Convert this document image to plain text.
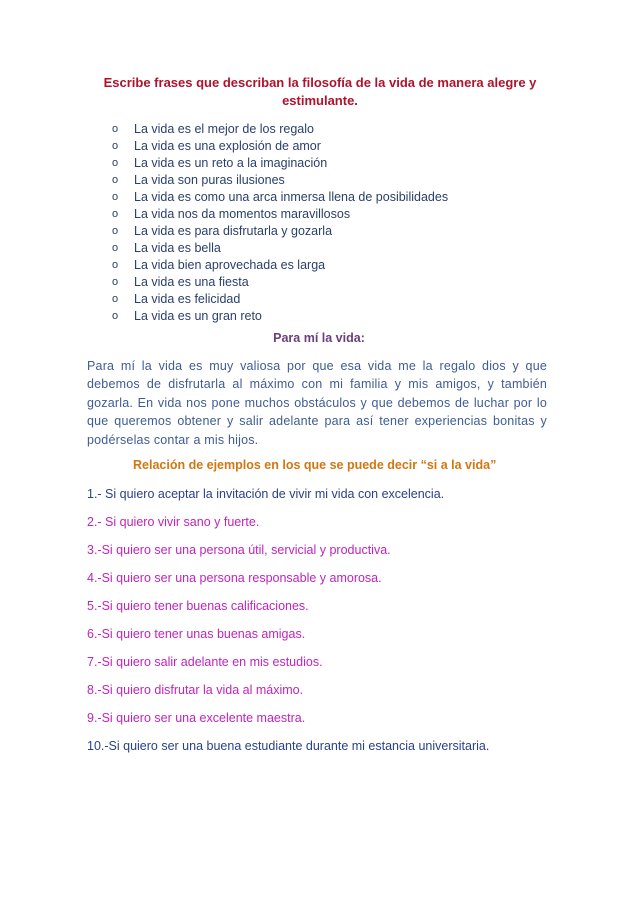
Escribe frases que describan la filosofía de la vida de manera alegre y estimulante.
o La vida es el mejor de los regalo
o La vida es una explosión de amor
o La vida es un reto a la imaginación
o La vida son puras ilusiones
o La vida es como una arca inmersa llena de posibilidades
o La vida nos da momentos maravillosos
o La vida es para disfrutarla y gozarla
o La vida es bella
o La vida bien aprovechada es larga
o La vida es una fiesta
o La vida es felicidad
o La vida es un gran reto
Para mí la vida:

Para mí la vida es muy valiosa por que esa vida me la regalo dios y que debemos de disfrutarla al máximo con mi familia y mis amigos, y también gozarla. En vida nos pone muchos obstáculos y que debemos de luchar por lo que queremos obtener y salir adelante para así tener experiencias bonitas y podérselas contar a mis hijos.

Relación de ejemplos en los que se puede decir “si a la vida”
1.- Si quiero aceptar la invitación de vivir mi vida con excelencia.
2.- Si quiero vivir sano y fuerte.
3.-Si quiero ser una persona útil, servicial y productiva.
4.-Si quiero ser una persona responsable y amorosa.
5.-Si quiero tener buenas calificaciones.
6.-Si quiero tener unas buenas amigas.
7.-Si quiero salir adelante en mis estudios.
8.-Si quiero disfrutar la vida al máximo.
9.-Si quiero ser una excelente maestra.
10.-Si quiero ser una buena estudiante durante mi estancia universitaria.
